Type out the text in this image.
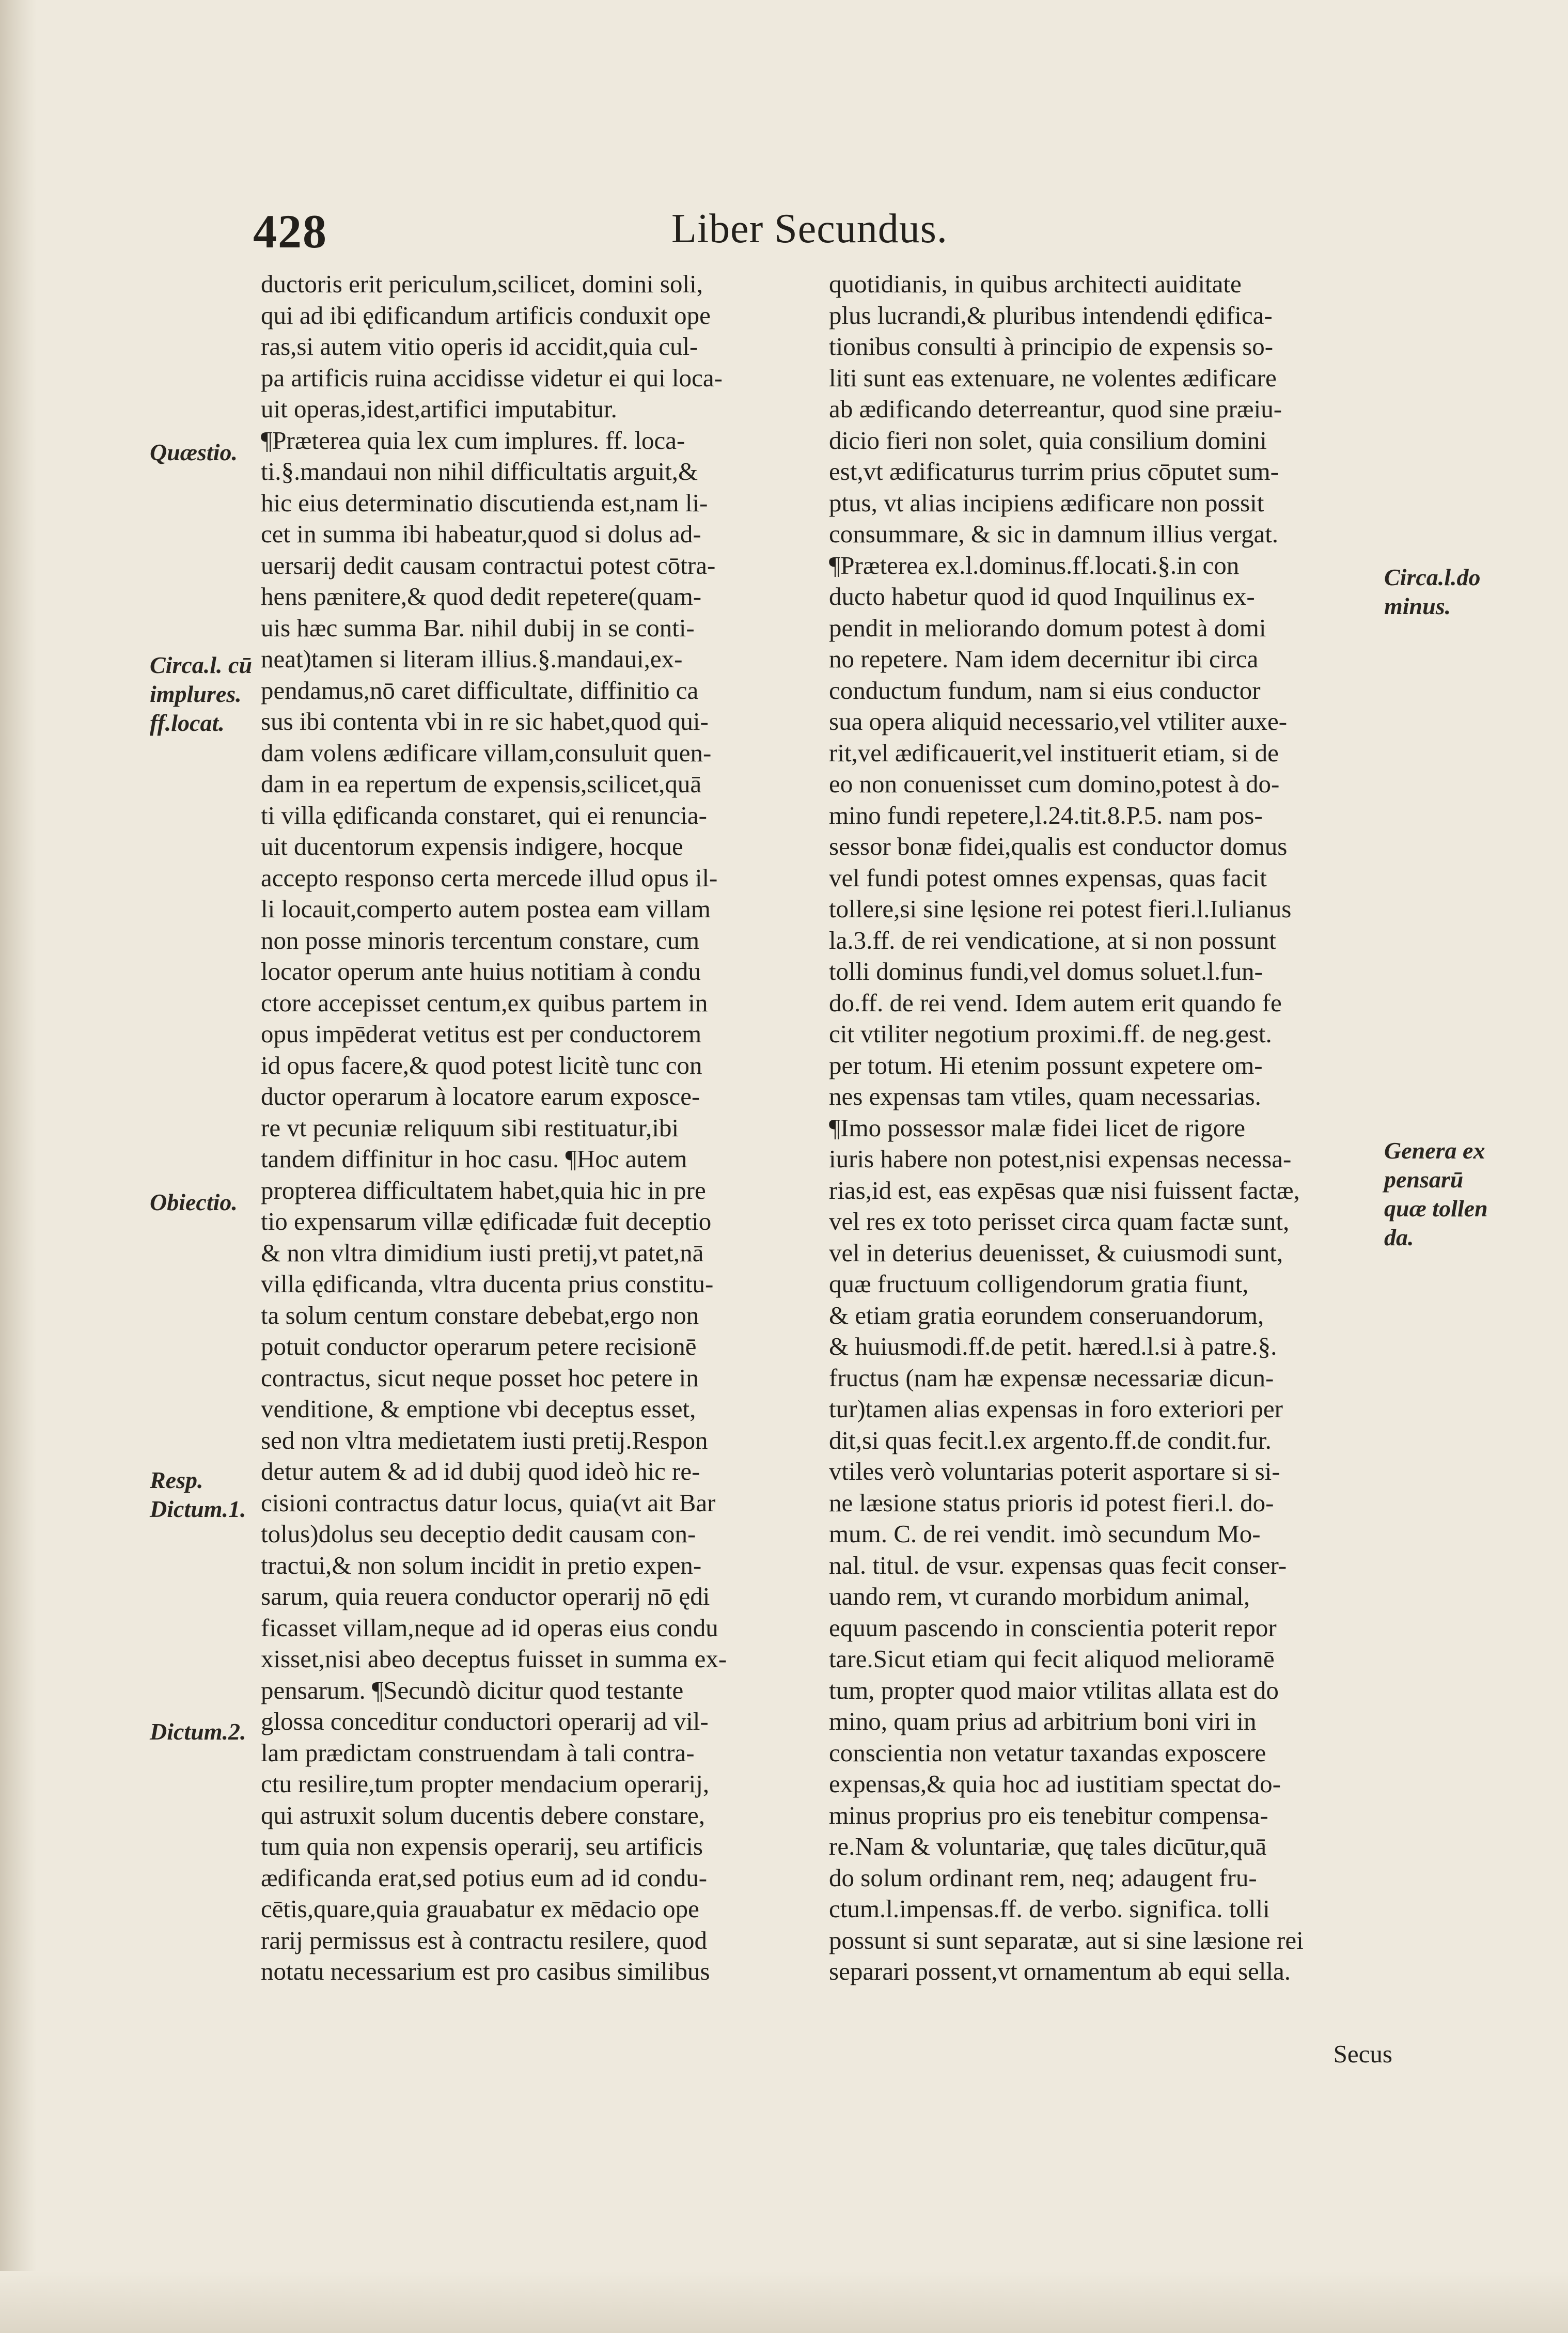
428	Liber Secundus.
ductoris erit periculum,scilicet, domini soli,
qui ad ibi ędificandum artificis conduxit ope
ras,si autem vitio operis id accidit,quia cul-
pa artificis ruina accidisse videtur ei qui loca-
uit operas,idest,artifici imputabitur.
¶Præterea quia lex cum implures. ff. loca-
ti.§.mandaui non nihil difficultatis arguit,&
hic eius determinatio discutienda est,nam li-
cet in summa ibi habeatur,quod si dolus ad-
uersarij dedit causam contractui potest cōtra-
hens pænitere,& quod dedit repetere(quam-
uis hæc summa Bar. nihil dubij in se conti-
neat)tamen si literam illius.§.mandaui,ex-
pendamus,nō caret difficultate, diffinitio ca
sus ibi contenta vbi in re sic habet,quod qui-
dam volens ædificare villam,consuluit quen-
dam in ea repertum de expensis,scilicet,quā
ti villa ędificanda constaret, qui ei renuncia-
uit ducentorum expensis indigere, hocque
accepto responso certa mercede illud opus il-
li locauit,comperto autem postea eam villam
non posse minoris tercentum constare, cum
locator operum ante huius notitiam à condu
ctore accepisset centum,ex quibus partem in
opus impēderat vetitus est per conductorem
id opus facere,& quod potest licitè tunc con
ductor operarum à locatore earum exposce-
re vt pecuniæ reliquum sibi restituatur,ibi
tandem diffinitur in hoc casu. ¶Hoc autem
propterea difficultatem habet,quia hic in pre
tio expensarum villæ ędificadæ fuit deceptio
& non vltra dimidium iusti pretij,vt patet,nā
villa ędificanda, vltra ducenta prius constitu-
ta solum centum constare debebat,ergo non
potuit conductor operarum petere recisionē
contractus, sicut neque posset hoc petere in
venditione, & emptione vbi deceptus esset,
sed non vltra medietatem iusti pretij.Respon
detur autem & ad id dubij quod ideò hic re-
cisioni contractus datur locus, quia(vt ait Bar
tolus)dolus seu deceptio dedit causam con-
tractui,& non solum incidit in pretio expen-
sarum, quia reuera conductor operarij nō ędi
ficasset villam,neque ad id operas eius condu
xisset,nisi abeo deceptus fuisset in summa ex-
pensarum. ¶Secundò dicitur quod testante
glossa conceditur conductori operarij ad vil-
lam prædictam construendam à tali contra-
ctu resilire,tum propter mendacium operarij,
qui astruxit solum ducentis debere constare,
tum quia non expensis operarij, seu artificis
ædificanda erat,sed potius eum ad id condu-
cētis,quare,quia grauabatur ex mēdacio ope
rarij permissus est à contractu resilere, quod
notatu necessarium est pro casibus similibus
quotidianis, in quibus architecti auiditate
plus lucrandi,& pluribus intendendi ędifica-
tionibus consulti à principio de expensis so-
liti sunt eas extenuare, ne volentes ædificare
ab ædificando deterreantur, quod sine præiu-
dicio fieri non solet, quia consilium domini
est,vt ædificaturus turrim prius cōputet sum-
ptus, vt alias incipiens ædificare non possit
consummare, & sic in damnum illius vergat.
¶Præterea ex.l.dominus.ff.locati.§.in con
ducto habetur quod id quod Inquilinus ex-
pendit in meliorando domum potest à domi
no repetere. Nam idem decernitur ibi circa
conductum fundum, nam si eius conductor
sua opera aliquid necessario,vel vtiliter auxe-
rit,vel ædificauerit,vel instituerit etiam, si de
eo non conuenisset cum domino,potest à do-
mino fundi repetere,l.24.tit.8.P.5. nam pos-
sessor bonæ fidei,qualis est conductor domus
vel fundi potest omnes expensas, quas facit
tollere,si sine lęsione rei potest fieri.l.Iulianus
la.3.ff. de rei vendicatione, at si non possunt
tolli dominus fundi,vel domus soluet.l.fun-
do.ff. de rei vend. Idem autem erit quando fe
cit vtiliter negotium proximi.ff. de neg.gest.
per totum. Hi etenim possunt expetere om-
nes expensas tam vtiles, quam necessarias.
¶Imo possessor malæ fidei licet de rigore
iuris habere non potest,nisi expensas necessa-
rias,id est, eas expēsas quæ nisi fuissent factæ,
vel res ex toto perisset circa quam factæ sunt,
vel in deterius deuenisset, & cuiusmodi sunt,
quæ fructuum colligendorum gratia fiunt,
& etiam gratia eorundem conseruandorum,
& huiusmodi.ff.de petit. hæred.l.si à patre.§.
fructus (nam hæ expensæ necessariæ dicun-
tur)tamen alias expensas in foro exteriori per
dit,si quas fecit.l.ex argento.ff.de condit.fur.
vtiles verò voluntarias poterit asportare si si-
ne læsione status prioris id potest fieri.l. do-
mum. C. de rei vendit. imò secundum Mo-
nal. titul. de vsur. expensas quas fecit conser-
uando rem, vt curando morbidum animal,
equum pascendo in conscientia poterit repor
tare.Sicut etiam qui fecit aliquod melioramē
tum, propter quod maior vtilitas allata est do
mino, quam prius ad arbitrium boni viri in
conscientia non vetatur taxandas exposcere
expensas,& quia hoc ad iustitiam spectat do-
minus proprius pro eis tenebitur compensa-
re.Nam & voluntariæ, quę tales dicūtur,quā
do solum ordinant rem, neq; adaugent fru-
ctum.l.impensas.ff. de verbo. significa. tolli
possunt si sunt separatæ, aut si sine læsione rei
separari possent,vt ornamentum ab equi sella.
Quæstio.
Circa.l. cū
implures.
ff.locat.
Obiectio.
Resp.
Dictum.1.
Dictum.2.
Circa.l.do
minus.
Genera ex
pensarū
quæ tollen
da.
Secus
